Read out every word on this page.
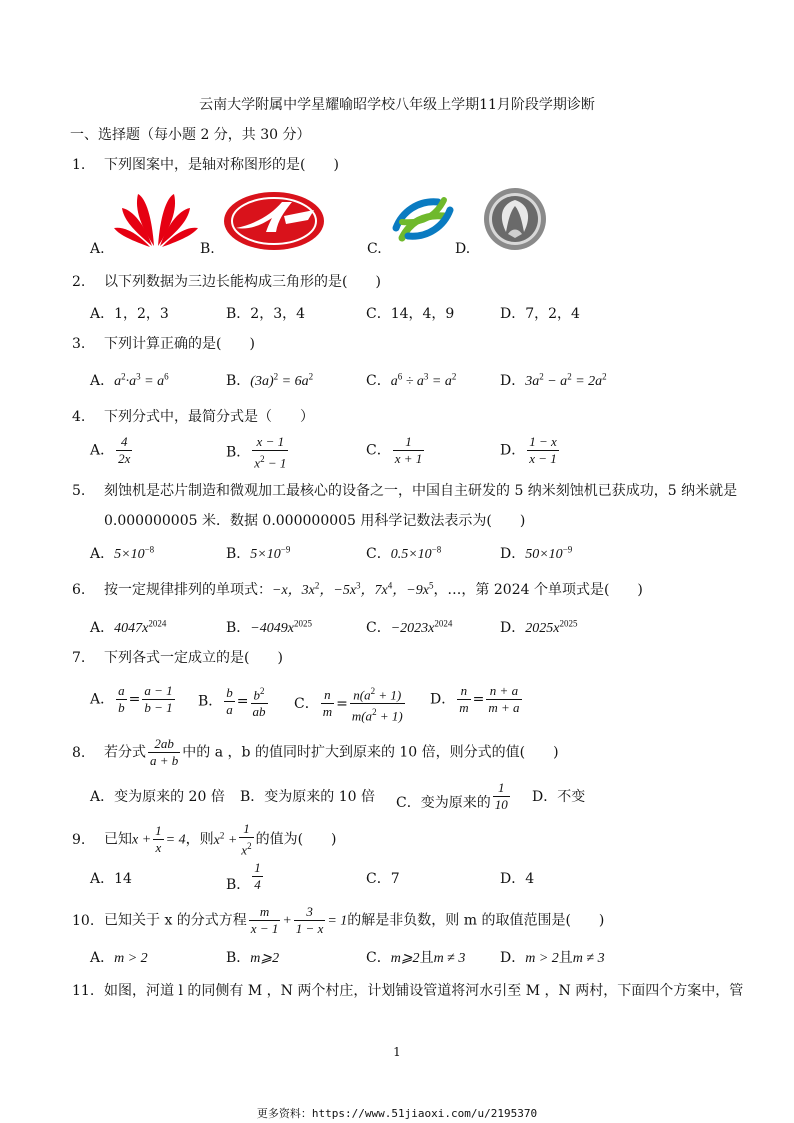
云南大学附属中学星耀喻昭学校八年级上学期11月阶段学期诊断
一、选择题（每小题 2 分，共 30 分）
1. 下列图案中，是轴对称图形的是(　　)
A.	B.	C.	D.
2. 以下列数据为三边长能构成三角形的是(　　)
A．1，2，3	B．2，3，4	C．14，4，9	D．7，2，4
3. 下列计算正确的是(　　)
A．$a^2\cdot a^3 = a^6$	B．$(3a)^2 = 6a^2$	C．$a^6 \div a^3 = a^2$	D．$3a^2 - a^2 = 2a^2$
4. 下列分式中，最简分式是（　　）
A． $\frac{4}{2x}$	B． $\frac{x - 1}{x^2 - 1}$	C． $\frac{1}{x + 1}$	D． $\frac{1 - x}{x - 1}$
5. 刻蚀机是芯片制造和微观加工最核心的设备之一，中国自主研发的 5 纳米刻蚀机已获成功，5 纳米就是
0.000000005 米．数据 0.000000005 用科学记数法表示为(　　)
A．$5\times 10^{-8}$	B．$5\times 10^{-9}$	C．$0.5\times 10^{-8}$	D．$50\times 10^{-9}$
6. 按一定规律排列的单项式：−x，$3x^2$，$-5x^3$，$7x^4$，$-9x^5$，…，第 2024 个单项式是(　　)
A．$4047x^{2024}$	B．$-4049x^{2025}$	C．$-2023x^{2024}$	D．$2025x^{2025}$
7. 下列各式一定成立的是(　　)
A． $\frac{a}{b} = \frac{a - 1}{b - 1}$ B． $\frac{b}{a} = \frac{b^2}{ab}$ C． $\frac{n}{m} = \frac{n(a^2 + 1)}{m(a^2 + 1)}$ D． $\frac{n}{m} = \frac{n + a}{m + a}$
8. 若分式 $\frac{2ab}{a + b}$ 中的 a ，b 的值同时扩大到原来的 10 倍，则分式的值(　　)
A．变为原来的 20 倍 B．变为原来的 10 倍 C．变为原来的 $\frac{1}{10}$ D．不变
9. 已知$x + \frac{1}{x} = 4$，则$x^2 + \frac{1}{x^2}$ 的值为(　　)
A．14	B． $\frac{1}{4}$	C．7	D．4
10. 已知关于 x 的分式方程 $\frac{m}{x - 1} + \frac{3}{1 - x} = 1$的解是非负数，则 m 的取值范围是(　　)
A．m > 2	B．m⩾2	C．m⩾2且m ≠ 3 D．m > 2且m ≠ 3
11. 如图，河道 l 的同侧有 M ，N 两个村庄，计划铺设管道将河水引至 M ，N 两村，下面四个方案中，管
1
更多资料：https://www.51jiaoxi.com/u/2195370
